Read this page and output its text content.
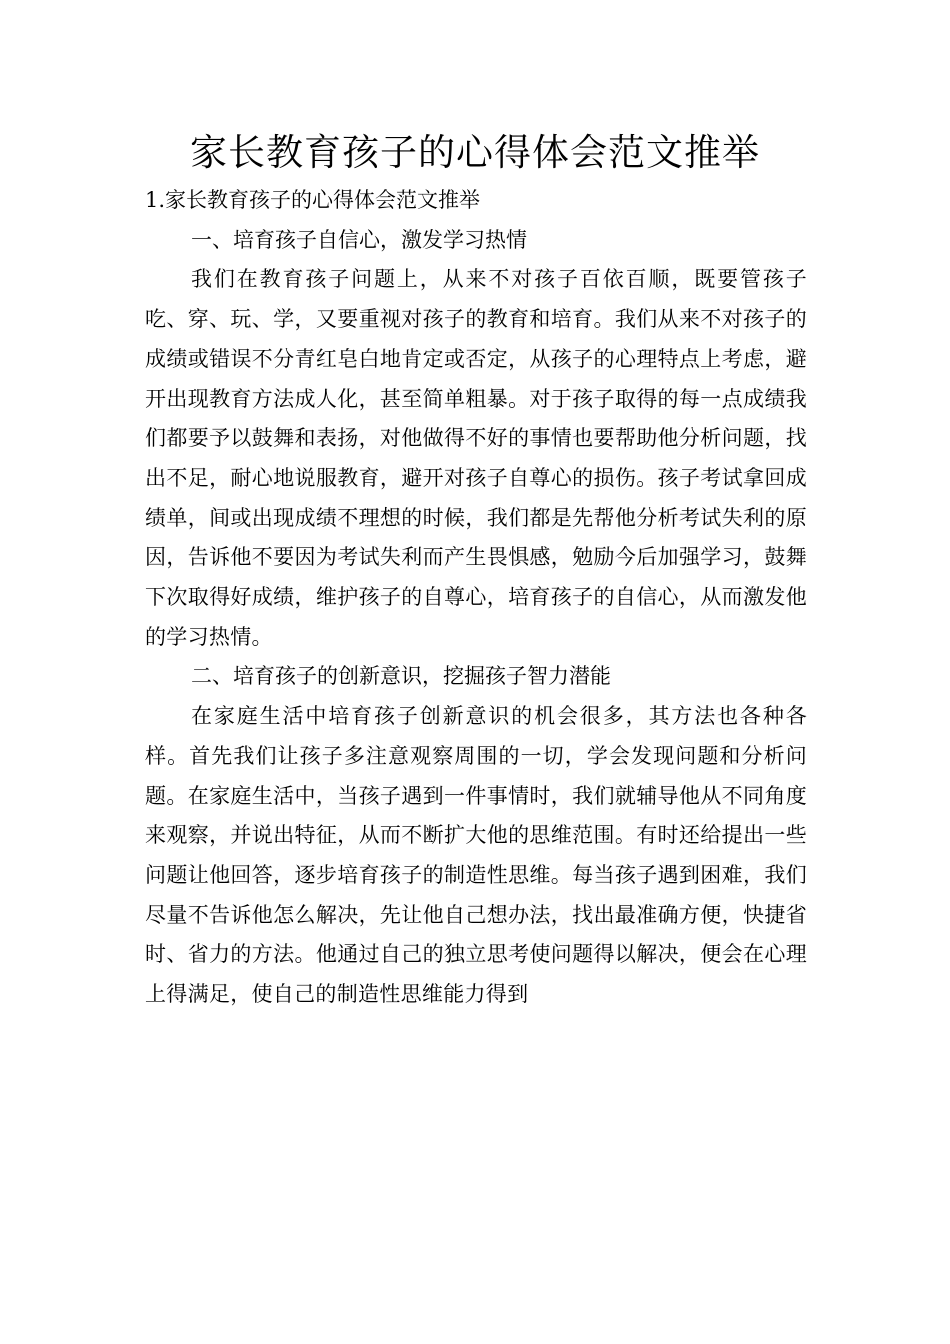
家长教育孩子的心得体会范文推举

1.家长教育孩子的心得体会范文推举

一、培育孩子自信心，激发学习热情

我们在教育孩子问题上，从来不对孩子百依百顺，既要管孩子吃、穿、玩、学，又要重视对孩子的教育和培育。我们从来不对孩子的成绩或错误不分青红皂白地肯定或否定，从孩子的心理特点上考虑，避开出现教育方法成人化，甚至简单粗暴。对于孩子取得的每一点成绩我们都要予以鼓舞和表扬，对他做得不好的事情也要帮助他分析问题，找出不足，耐心地说服教育，避开对孩子自尊心的损伤。孩子考试拿回成绩单，间或出现成绩不理想的时候，我们都是先帮他分析考试失利的原因，告诉他不要因为考试失利而产生畏惧感，勉励今后加强学习，鼓舞下次取得好成绩，维护孩子的自尊心，培育孩子的自信心，从而激发他的学习热情。

二、培育孩子的创新意识，挖掘孩子智力潜能

在家庭生活中培育孩子创新意识的机会很多，其方法也各种各样。首先我们让孩子多注意观察周围的一切，学会发现问题和分析问题。在家庭生活中，当孩子遇到一件事情时，我们就辅导他从不同角度来观察，并说出特征，从而不断扩大他的思维范围。有时还给提出一些问题让他回答，逐步培育孩子的制造性思维。每当孩子遇到困难，我们尽量不告诉他怎么解决，先让他自己想办法，找出最准确方便，快捷省时、省力的方法。他通过自己的独立思考使问题得以解决，便会在心理上得满足，使自己的制造性思维能力得到
